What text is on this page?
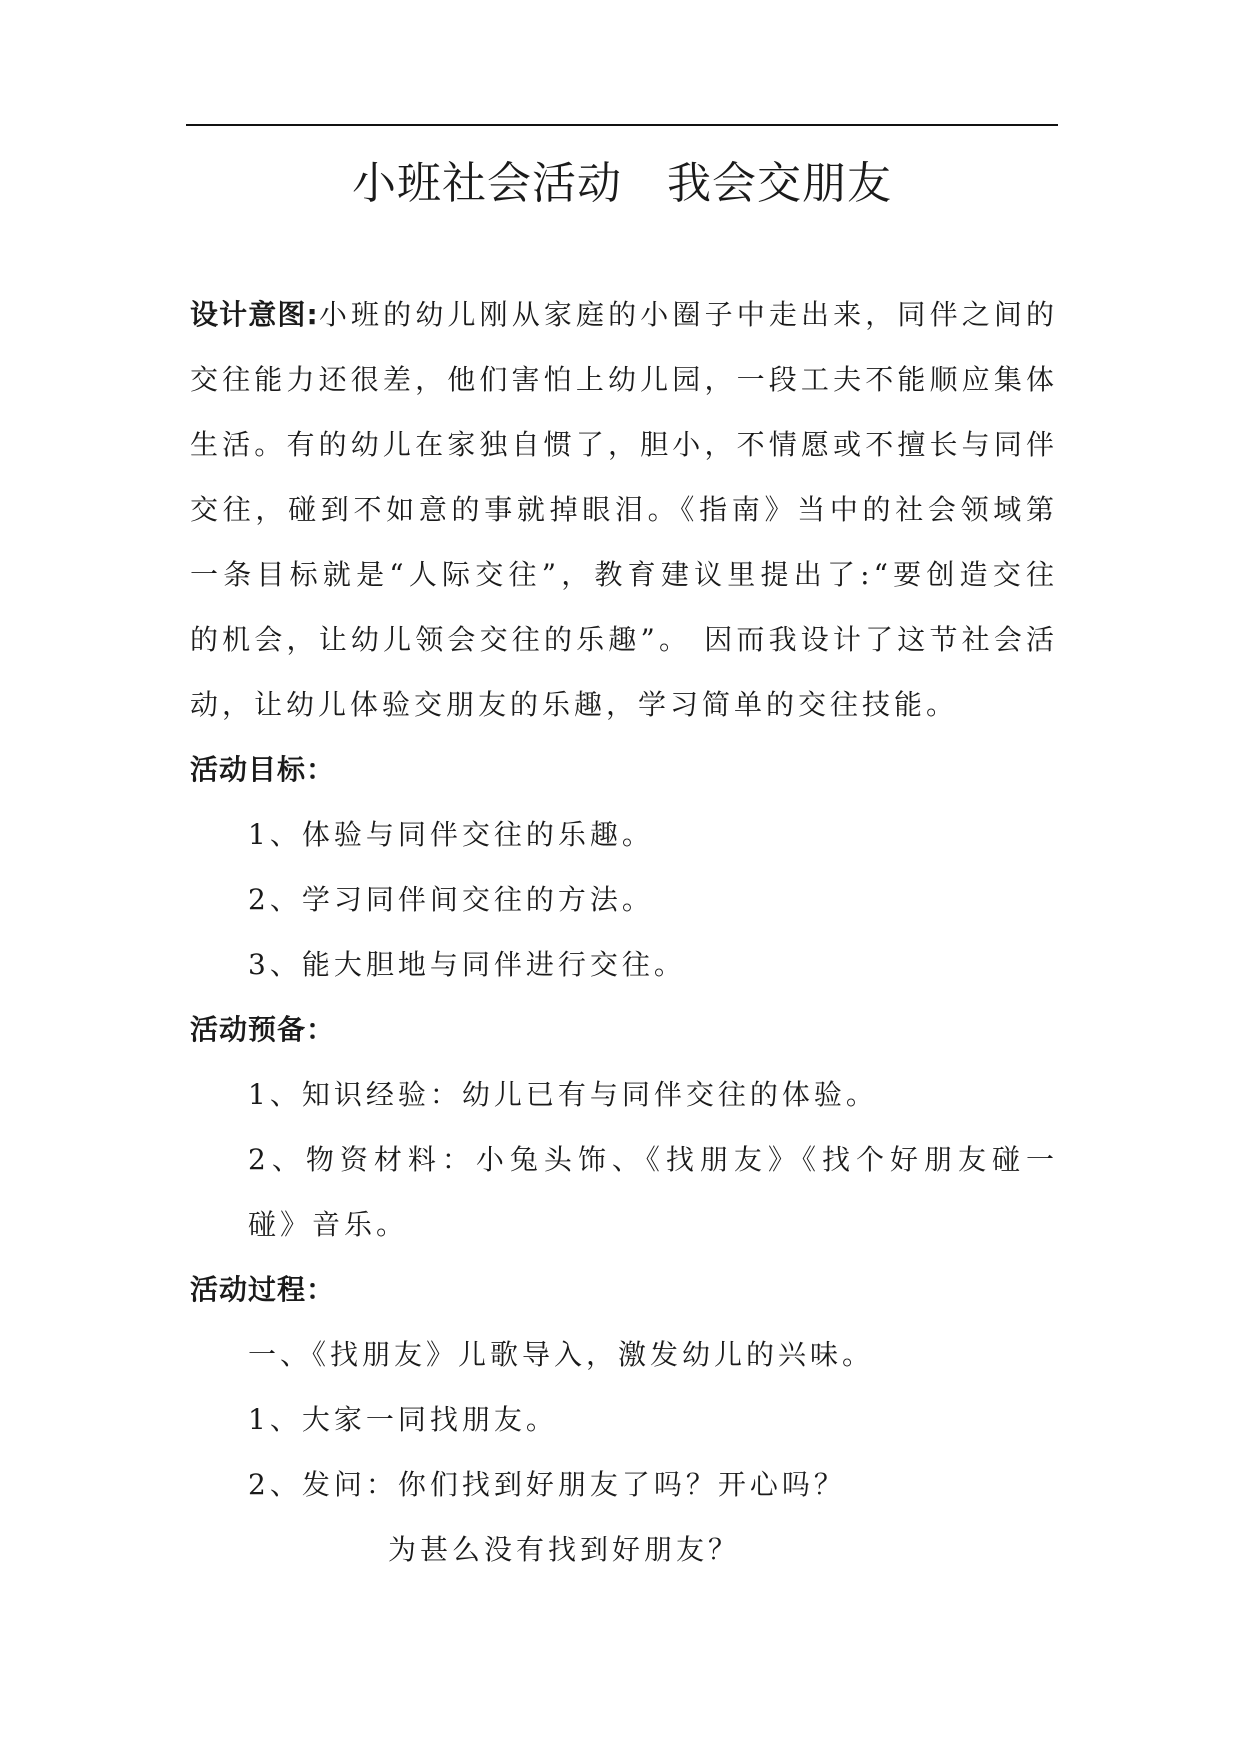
小班社会活动　我会交朋友

设计意图:小班的幼儿刚从家庭的小圈子中走出来，同伴之间的交往能力还很差，他们害怕上幼儿园，一段工夫不能顺应集体生活。有的幼儿在家独自惯了，胆小，不情愿或不擅长与同伴交往，碰到不如意的事就掉眼泪。《指南》当中的社会领域第一条目标就是“人际交往”，教育建议里提出了:“要创造交往的机会，让幼儿领会交往的乐趣”。 因而我设计了这节社会活动，让幼儿体验交朋友的乐趣，学习简单的交往技能。

活动目标：

1、体验与同伴交往的乐趣。

2、学习同伴间交往的方法。

3、能大胆地与同伴进行交往。

活动预备：

1、知识经验：幼儿已有与同伴交往的体验。

2、物资材料：小兔头饰、《找朋友》《找个好朋友碰一碰》音乐。

活动过程：

一、《找朋友》儿歌导入，激发幼儿的兴味。

1、大家一同找朋友。

2、发问：你们找到好朋友了吗？开心吗？

为甚么没有找到好朋友？
